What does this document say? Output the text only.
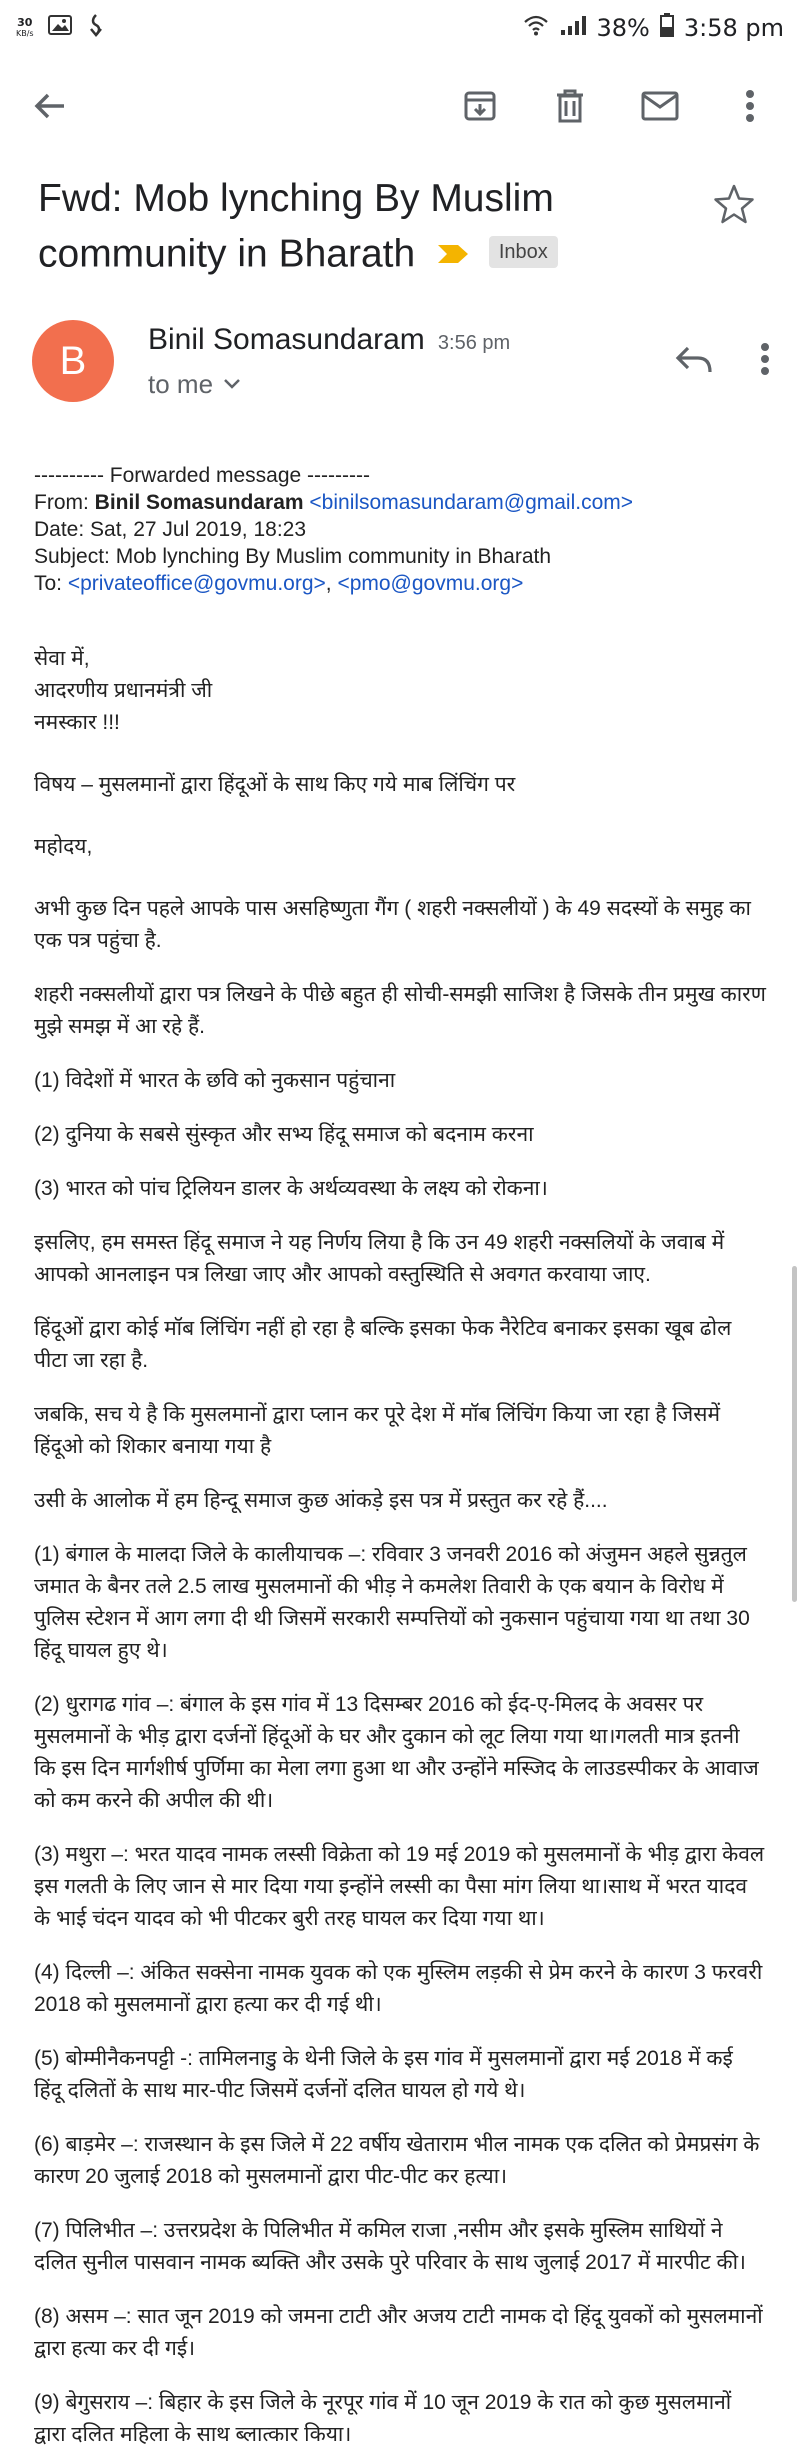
30
KB/s	38% 3:58 pm
Fwd: Mob lynching By Muslim community in Bharath	Inbox
B	Binil Somasundaram 3:56 pm
to me
---------- Forwarded message ---------
From: Binil Somasundaram <binilsomasundaram@gmail.com>
Date: Sat, 27 Jul 2019, 18:23
Subject: Mob lynching By Muslim community in Bharath
To: <privateoffice@govmu.org>, <pmo@govmu.org>

सेवा में,

आदरणीय प्रधानमंत्री जी

नमस्कार !!!

विषय – मुसलमानों द्वारा हिंदूओं के साथ किए गये माब लिंचिंग पर

महोदय,

अभी कुछ दिन पहले आपके पास असहिष्णुता गैंग ( शहरी नक्सलीयों ) के 49 सदस्यों के समुह का एक पत्र पहुंचा है.

शहरी नक्सलीयों द्वारा पत्र लिखने के पीछे बहुत ही सोची-समझी साजिश है जिसके तीन प्रमुख कारण मुझे समझ में आ रहे हैं.

(1) विदेशों में भारत के छवि को नुकसान पहुंचाना

(2) दुनिया के सबसे सुंस्कृत और सभ्य हिंदू समाज को बदनाम करना

(3) भारत को पांच ट्रिलियन डालर के अर्थव्यवस्था के लक्ष्य को रोकना।

इसलिए, हम समस्त हिंदू समाज ने यह निर्णय लिया है कि उन 49 शहरी नक्सलियों के जवाब में आपको आनलाइन पत्र लिखा जाए और आपको वस्तुस्थिति से अवगत करवाया जाए.

हिंदूओं द्वारा कोई मॉब लिंचिंग नहीं हो रहा है बल्कि इसका फेक नैरेटिव बनाकर इसका खूब ढोल पीटा जा रहा है.

जबकि, सच ये है कि मुसलमानों द्वारा प्लान कर पूरे देश में मॉब लिंचिंग किया जा रहा है जिसमें हिंदूओ को शिकार बनाया गया है

उसी के आलोक में हम हिन्दू समाज कुछ आंकड़े इस पत्र में प्रस्तुत कर रहे हैं....

(1) बंगाल के मालदा जिले के कालीयाचक –: रविवार 3 जनवरी 2016 को अंजुमन अहले सुन्नतुल जमात के बैनर तले 2.5 लाख मुसलमानों की भीड़ ने कमलेश तिवारी के एक बयान के विरोध में पुलिस स्टेशन में आग लगा दी थी जिसमें सरकारी सम्पत्तियों को नुकसान पहुंचाया गया था तथा 30 हिंदू घायल हुए थे।

(2) धुरागढ गांव –: बंगाल के इस गांव में 13 दिसम्बर 2016 को ईद-ए-मिलद के अवसर पर मुसलमानों के भीड़ द्वारा दर्जनों हिंदूओं के घर और दुकान को लूट लिया गया था।गलती मात्र इतनी कि इस दिन मार्गशीर्ष पुर्णिमा का मेला लगा हुआ था और उन्होंने मस्जिद के लाउडस्पीकर के आवाज को कम करने की अपील की थी।

(3) मथुरा –: भरत यादव नामक लस्सी विक्रेता को 19 मई 2019 को मुसलमानों के भीड़ द्वारा केवल इस गलती के लिए जान से मार दिया गया इन्होंने लस्सी का पैसा मांग लिया था।साथ में भरत यादव के भाई चंदन यादव को भी पीटकर बुरी तरह घायल कर दिया गया था।

(4) दिल्ली –: अंकित सक्सेना नामक युवक को एक मुस्लिम लड़की से प्रेम करने के कारण 3 फरवरी 2018 को मुसलमानों द्वारा हत्या कर दी गई थी।

(5) बोम्मीनैकनपट्टी -: तामिलनाडु के थेनी जिले के इस गांव में मुसलमानों द्वारा मई 2018 में कई हिंदू दलितों के साथ मार-पीट जिसमें दर्जनों दलित घायल हो गये थे।

(6) बाड़मेर –: राजस्थान के इस जिले में 22 वर्षीय खेताराम भील नामक एक दलित को प्रेमप्रसंग के कारण 20 जुलाई 2018 को मुसलमानों द्वारा पीट-पीट कर हत्या।

(7) पिलिभीत –: उत्तरप्रदेश के पिलिभीत में कमिल राजा ,नसीम और इसके मुस्लिम साथियों ने दलित सुनील पासवान नामक ब्यक्ति और उसके पुरे परिवार के साथ जुलाई 2017 में मारपीट की।

(8) असम –: सात जून 2019 को जमना टाटी और अजय टाटी नामक दो हिंदू युवकों को मुसलमानों द्वारा हत्या कर दी गई।

(9) बेगुसराय –: बिहार के इस जिले के नूरपूर गांव में 10 जून 2019 के रात को कुछ मुसलमानों द्वारा दलित महिला के साथ ब्लात्कार किया।
